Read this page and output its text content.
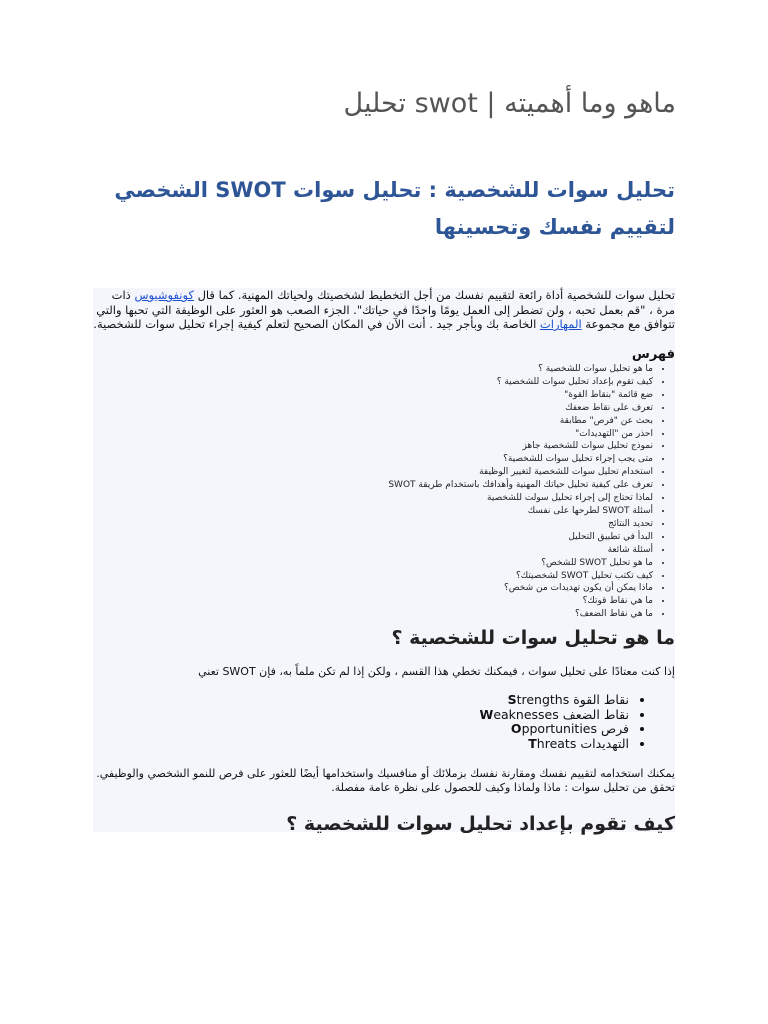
ماهو وما أهميته | swot تحليل
تحليل سوات للشخصية : تحليل سوات SWOT الشخصي لتقييم نفسك وتحسينها

تحليل سوات للشخصية أداة رائعة لتقييم نفسك من أجل التخطيط لشخصيتك ولحياتك المهنية. كما قال كونفوشيوس ذات مرة ، "قم بعمل تحبه ، ولن تضطر إلى العمل يومًا واحدًا في حياتك". الجزء الصعب هو العثور على الوظيفة التي تحبها والتي تتوافق مع مجموعة المهارات الخاصة بك وبأجر جيد . أنت الآن في المكان الصحيح لتعلم كيفية إجراء تحليل سوات للشخصية.

فهرس

• ما هو تحليل سوات للشخصية ؟
• كيف تقوم بإعداد تحليل سوات للشخصية ؟
• ضع قائمة "بنقاط القوة"
• تعرف على نقاط ضعفك
• بحث عن "فرص" مطابقة
• احذر من "التهديدات"
• نموذج تحليل سوات للشخصية جاهز
• متى يجب إجراء تحليل سوات للشخصية؟
• استخدام تحليل سوات للشخصية لتغيير الوظيفة
• تعرف على كيفية تحليل حياتك المهنية وأهدافك باستخدام طريقة SWOT
• لماذا تحتاج إلى إجراء تحليل سولت للشخصية
• أسئلة SWOT لطرحها على نفسك
• تحديد النتائج
• البدأ في تطبيق التحليل
• أسئلة شائعة
• ما هو تحليل SWOT للشخص؟
• كيف تكتب تحليل SWOT لشخصيتك؟
• ماذا يمكن أن يكون تهديدات من شخص؟
• ما هي نقاط قوتك؟
• ما هي نقاط الضعف؟
ما هو تحليل سوات للشخصية ؟

إذا كنت معتادًا على تحليل سوات ، فيمكنك تخطي هذا القسم ، ولكن إذا لم تكن ملماً به، فإن SWOT تعني

• نقاط القوة Strengths
• نقاط الضعف Weaknesses
• فرص Opportunities
• التهديدات Threats

يمكنك استخدامه لتقييم نفسك ومقارنة نفسك بزملائك أو منافسيك واستخدامها أيضًا للعثور على فرص للنمو الشخصي والوظيفي. تحقق من تحليل سوات : ماذا ولماذا وكيف للحصول على نظرة عامة مفصلة.

كيف تقوم بإعداد تحليل سوات للشخصية ؟
